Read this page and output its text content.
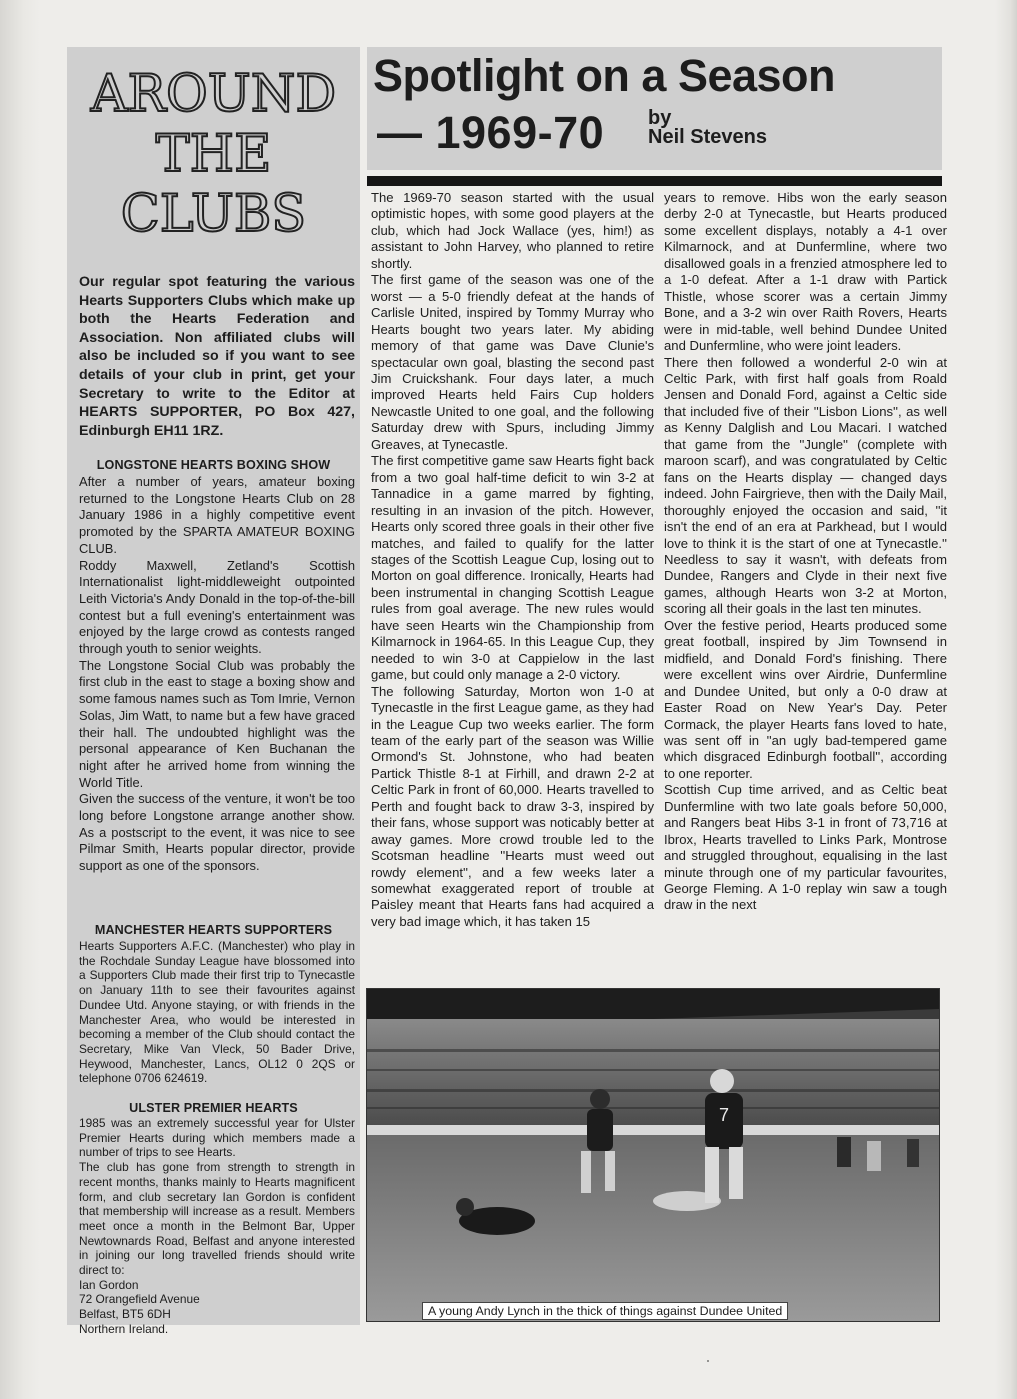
AROUND
THE
CLUBS
Our regular spot featuring the various Hearts Supporters Clubs which make up both the Hearts Federation and Association. Non affiliated clubs will also be included so if you want to see details of your club in print, get your Secretary to write to the Editor at HEARTS SUPPORTER, PO Box 427, Edinburgh EH11 1RZ.
LONGSTONE HEARTS BOXING SHOW

After a number of years, amateur boxing returned to the Longstone Hearts Club on 28 January 1986 in a highly competitive event promoted by the SPARTA AMATEUR BOXING CLUB.

Roddy Maxwell, Zetland's Scottish Internationalist light-middleweight outpointed Leith Victoria's Andy Donald in the top-of-the-bill contest but a full evening's entertainment was enjoyed by the large crowd as contests ranged through youth to senior weights.

The Longstone Social Club was probably the first club in the east to stage a boxing show and some famous names such as Tom Imrie, Vernon Solas, Jim Watt, to name but a few have graced their hall. The undoubted highlight was the personal appearance of Ken Buchanan the night after he arrived home from winning the World Title.

Given the success of the venture, it won't be too long before Longstone arrange another show. As a postscript to the event, it was nice to see Pilmar Smith, Hearts popular director, provide support as one of the sponsors.

MANCHESTER HEARTS SUPPORTERS

Hearts Supporters A.F.C. (Manchester) who play in the Rochdale Sunday League have blossomed into a Supporters Club made their first trip to Tynecastle on January 11th to see their favourites against Dundee Utd. Anyone staying, or with friends in the Manchester Area, who would be interested in becoming a member of the Club should contact the Secretary, Mike Van Vleck, 50 Bader Drive, Heywood, Manchester, Lancs, OL12 0 2QS or telephone 0706 624619.

ULSTER PREMIER HEARTS

1985 was an extremely successful year for Ulster Premier Hearts during which members made a number of trips to see Hearts.

The club has gone from strength to strength in recent months, thanks mainly to Hearts magnificent form, and club secretary Ian Gordon is confident that membership will increase as a result. Members meet once a month in the Belmont Bar, Upper Newtownards Road, Belfast and anyone interested in joining our long travelled friends should write direct to:

Ian Gordon

72 Orangefield Avenue

Belfast, BT5 6DH

Northern Ireland.

Spotlight on a Season
— 1969-70 by
Neil Stevens

The 1969-70 season started with the usual optimistic hopes, with some good players at the club, which had Jock Wallace (yes, him!) as assistant to John Harvey, who planned to retire shortly.

The first game of the season was one of the worst — a 5-0 friendly defeat at the hands of Carlisle United, inspired by Tommy Murray who Hearts bought two years later. My abiding memory of that game was Dave Clunie's spectacular own goal, blasting the second past Jim Cruickshank. Four days later, a much improved Hearts held Fairs Cup holders Newcastle United to one goal, and the following Saturday drew with Spurs, including Jimmy Greaves, at Tynecastle.

The first competitive game saw Hearts fight back from a two goal half-time deficit to win 3-2 at Tannadice in a game marred by fighting, resulting in an invasion of the pitch. However, Hearts only scored three goals in their other five matches, and failed to qualify for the latter stages of the Scottish League Cup, losing out to Morton on goal difference. Ironically, Hearts had been instrumental in changing Scottish League rules from goal average. The new rules would have seen Hearts win the Championship from Kilmarnock in 1964-65. In this League Cup, they needed to win 3-0 at Cappielow in the last game, but could only manage a 2-0 victory.

The following Saturday, Morton won 1-0 at Tynecastle in the first League game, as they had in the League Cup two weeks earlier. The form team of the early part of the season was Willie Ormond's St. Johnstone, who had beaten Partick Thistle 8-1 at Firhill, and drawn 2-2 at Celtic Park in front of 60,000. Hearts travelled to Perth and fought back to draw 3-3, inspired by their fans, whose support was noticably better at away games. More crowd trouble led to the Scotsman headline ''Hearts must weed out rowdy element'', and a few weeks later a somewhat exaggerated report of trouble at Paisley meant that Hearts fans had acquired a very bad image which, it has taken 15

years to remove. Hibs won the early season derby 2-0 at Tynecastle, but Hearts produced some excellent displays, notably a 4-1 over Kilmarnock, and at Dunfermline, where two disallowed goals in a frenzied atmosphere led to a 1-0 defeat. After a 1-1 draw with Partick Thistle, whose scorer was a certain Jimmy Bone, and a 3-2 win over Raith Rovers, Hearts were in mid-table, well behind Dundee United and Dunfermline, who were joint leaders.

There then followed a wonderful 2-0 win at Celtic Park, with first half goals from Roald Jensen and Donald Ford, against a Celtic side that included five of their ''Lisbon Lions'', as well as Kenny Dalglish and Lou Macari. I watched that game from the ''Jungle'' (complete with maroon scarf), and was congratulated by Celtic fans on the Hearts display — changed days indeed. John Fairgrieve, then with the Daily Mail, thoroughly enjoyed the occasion and said, ''it isn't the end of an era at Parkhead, but I would love to think it is the start of one at Tynecastle.'' Needless to say it wasn't, with defeats from Dundee, Rangers and Clyde in their next five games, although Hearts won 3-2 at Morton, scoring all their goals in the last ten minutes.

Over the festive period, Hearts produced some great football, inspired by Jim Townsend in midfield, and Donald Ford's finishing. There were excellent wins over Airdrie, Dunfermline and Dundee United, but only a 0-0 draw at Easter Road on New Year's Day. Peter Cormack, the player Hearts fans loved to hate, was sent off in ''an ugly bad-tempered game which disgraced Edinburgh football'', according to one reporter.

Scottish Cup time arrived, and as Celtic beat Dunfermline with two late goals before 50,000, and Rangers beat Hibs 3-1 in front of 73,716 at Ibrox, Hearts travelled to Links Park, Montrose and struggled throughout, equalising in the last minute through one of my particular favourites, George Fleming. A 1-0 replay win saw a tough draw in the next

7
A young Andy Lynch in the thick of things against Dundee United
